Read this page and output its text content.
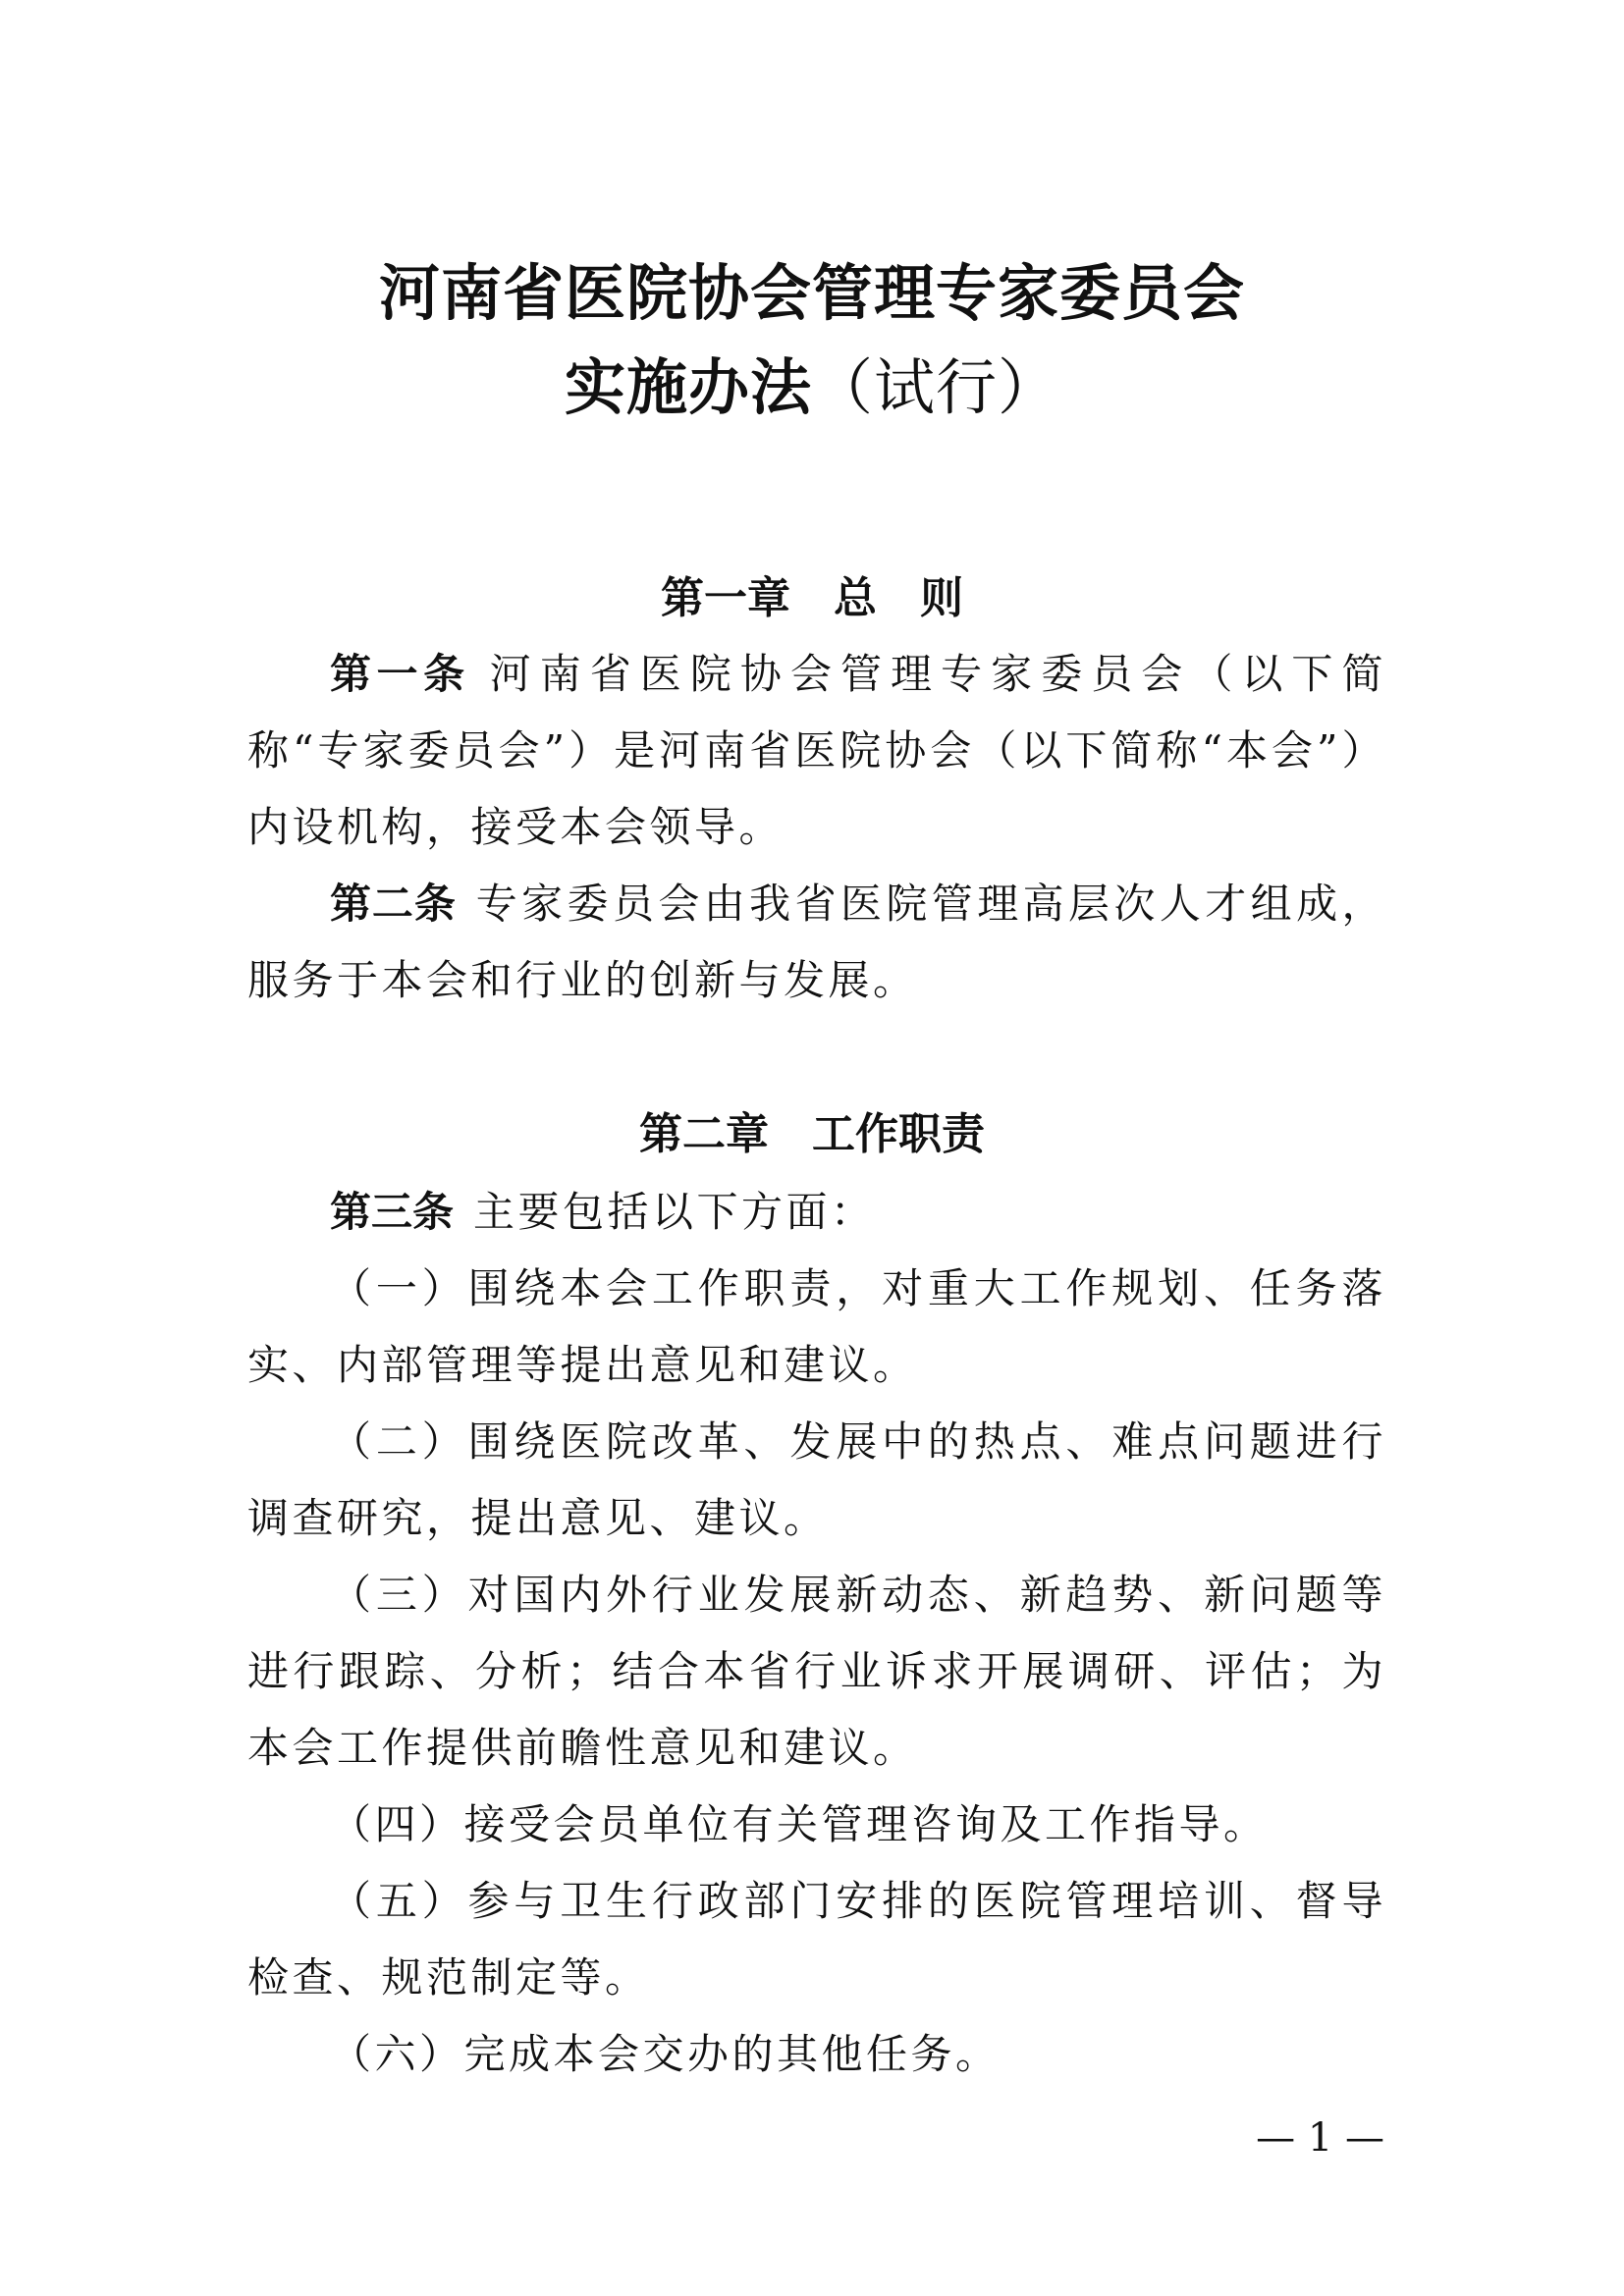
河南省医院协会管理专家委员会
实施办法（试行）
第一章 总　则

第一条 河南省医院协会管理专家委员会（以下简称“专家委员会”）是河南省医院协会（以下简称“本会”）内设机构，接受本会领导。

第二条 专家委员会由我省医院管理高层次人才组成，服务于本会和行业的创新与发展。

第二章 工作职责

第三条 主要包括以下方面：

（一）围绕本会工作职责，对重大工作规划、任务落实、内部管理等提出意见和建议。

（二）围绕医院改革、发展中的热点、难点问题进行调查研究，提出意见、建议。

（三）对国内外行业发展新动态、新趋势、新问题等进行跟踪、分析；结合本省行业诉求开展调研、评估；为本会工作提供前瞻性意见和建议。

（四）接受会员单位有关管理咨询及工作指导。

（五）参与卫生行政部门安排的医院管理培训、督导检查、规范制定等。

（六）完成本会交办的其他任务。

— 1 —
